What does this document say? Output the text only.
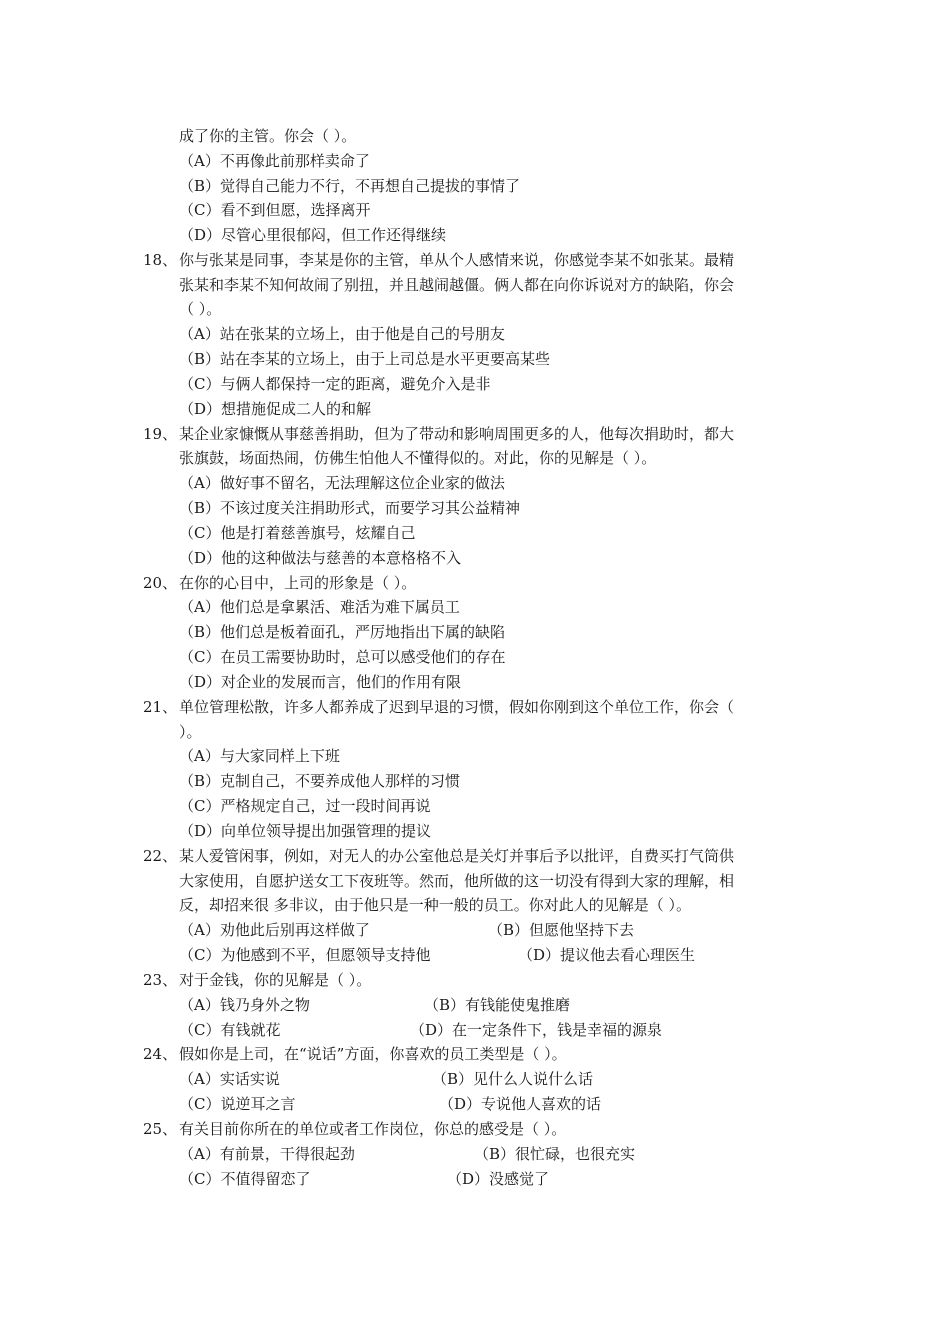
成了你的主管。你会（ ）。
（A）不再像此前那样卖命了
（B）觉得自己能力不行，不再想自己提拔的事情了
（C）看不到但愿，选择离开
（D）尽管心里很郁闷，但工作还得继续
18、 你与张某是同事，李某是你的主管，单从个人感情来说，你感觉李某不如张某。最精
张某和李某不知何故闹了别扭，并且越闹越僵。俩人都在向你诉说对方的缺陷，你会
（ ）。
（A）站在张某的立场上，由于他是自己的号朋友
（B）站在李某的立场上，由于上司总是水平更要高某些
（C）与俩人都保持一定的距离，避免介入是非
（D）想措施促成二人的和解
19、 某企业家慷慨从事慈善捐助，但为了带动和影响周围更多的人，他每次捐助时，都大
张旗鼓，场面热闹，仿佛生怕他人不懂得似的。对此，你的见解是（ ）。
（A）做好事不留名，无法理解这位企业家的做法
（B）不该过度关注捐助形式，而要学习其公益精神
（C）他是打着慈善旗号，炫耀自己
（D）他的这种做法与慈善的本意格格不入
20、 在你的心目中，上司的形象是（ ）。
（A）他们总是拿累活、难活为难下属员工
（B）他们总是板着面孔，严厉地指出下属的缺陷
（C）在员工需要协助时，总可以感受他们的存在
（D）对企业的发展而言，他们的作用有限
21、 单位管理松散，许多人都养成了迟到早退的习惯，假如你刚到这个单位工作，你会（
）。
（A）与大家同样上下班
（B）克制自己，不要养成他人那样的习惯
（C）严格规定自己，过一段时间再说
（D）向单位领导提出加强管理的提议
22、 某人爱管闲事，例如，对无人的办公室他总是关灯并事后予以批评，自费买打气筒供
大家使用，自愿护送女工下夜班等。然而，他所做的这一切没有得到大家的理解，相
反，却招来很 多非议，由于他只是一种一般的员工。你对此人的见解是（ ）。
（A）劝他此后别再这样做了	（B）但愿他坚持下去
（C）为他感到不平，但愿领导支持他	（D）提议他去看心理医生
23、 对于金钱，你的见解是（ ）。
（A）钱乃身外之物	（B）有钱能使鬼推磨
（C）有钱就花	（D）在一定条件下，钱是幸福的源泉
24、 假如你是上司，在“说话”方面，你喜欢的员工类型是（ ）。
（A）实话实说	（B）见什么人说什么话
（C）说逆耳之言	（D）专说他人喜欢的话
25、 有关目前你所在的单位或者工作岗位，你总的感受是（ ）。
（A）有前景，干得很起劲	（B）很忙碌，也很充实
（C）不值得留恋了	（D）没感觉了
